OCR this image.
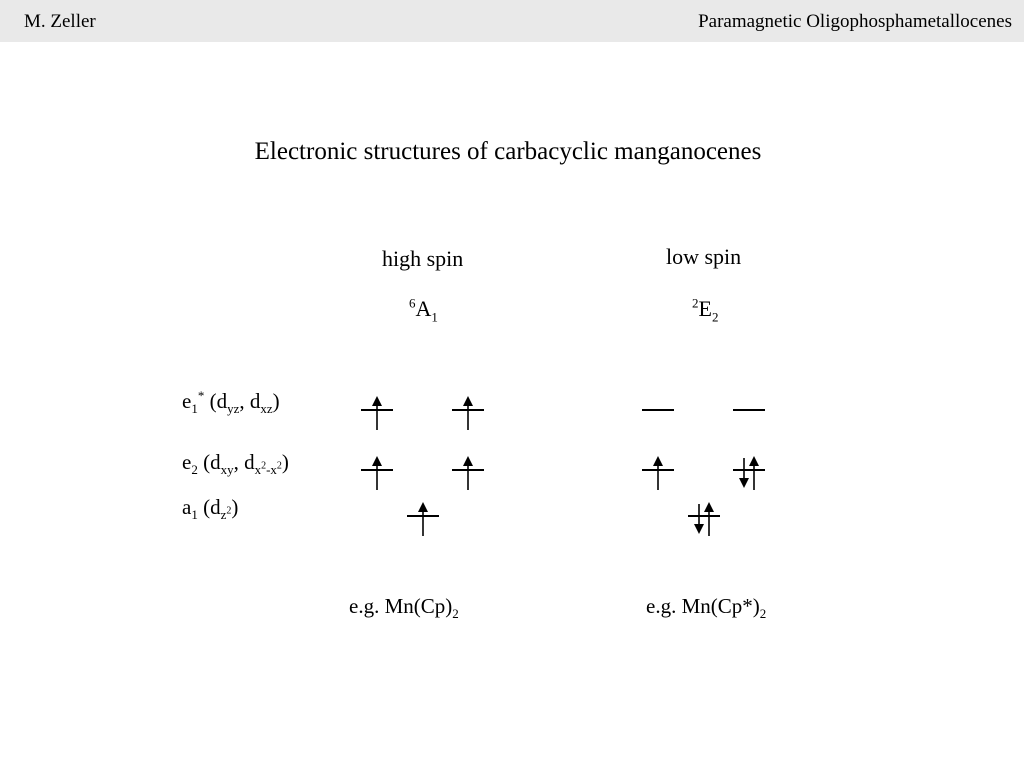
M. Zeller	Paramagnetic Oligophosphametallocenes
Electronic structures of carbacyclic manganocenes
high spin	low spin
$^6A_1$
$^2E_2$
$e_1^*$ ($d_{yz}$, $d_{xz}$)
$e_2$ ($d_{xy}$, $d_{x^2-x^2}$)
$a_1$ $(d_{z^2})$
e.g. $Mn(Cp)_2$	e.g. $Mn(Cp*)_2$
